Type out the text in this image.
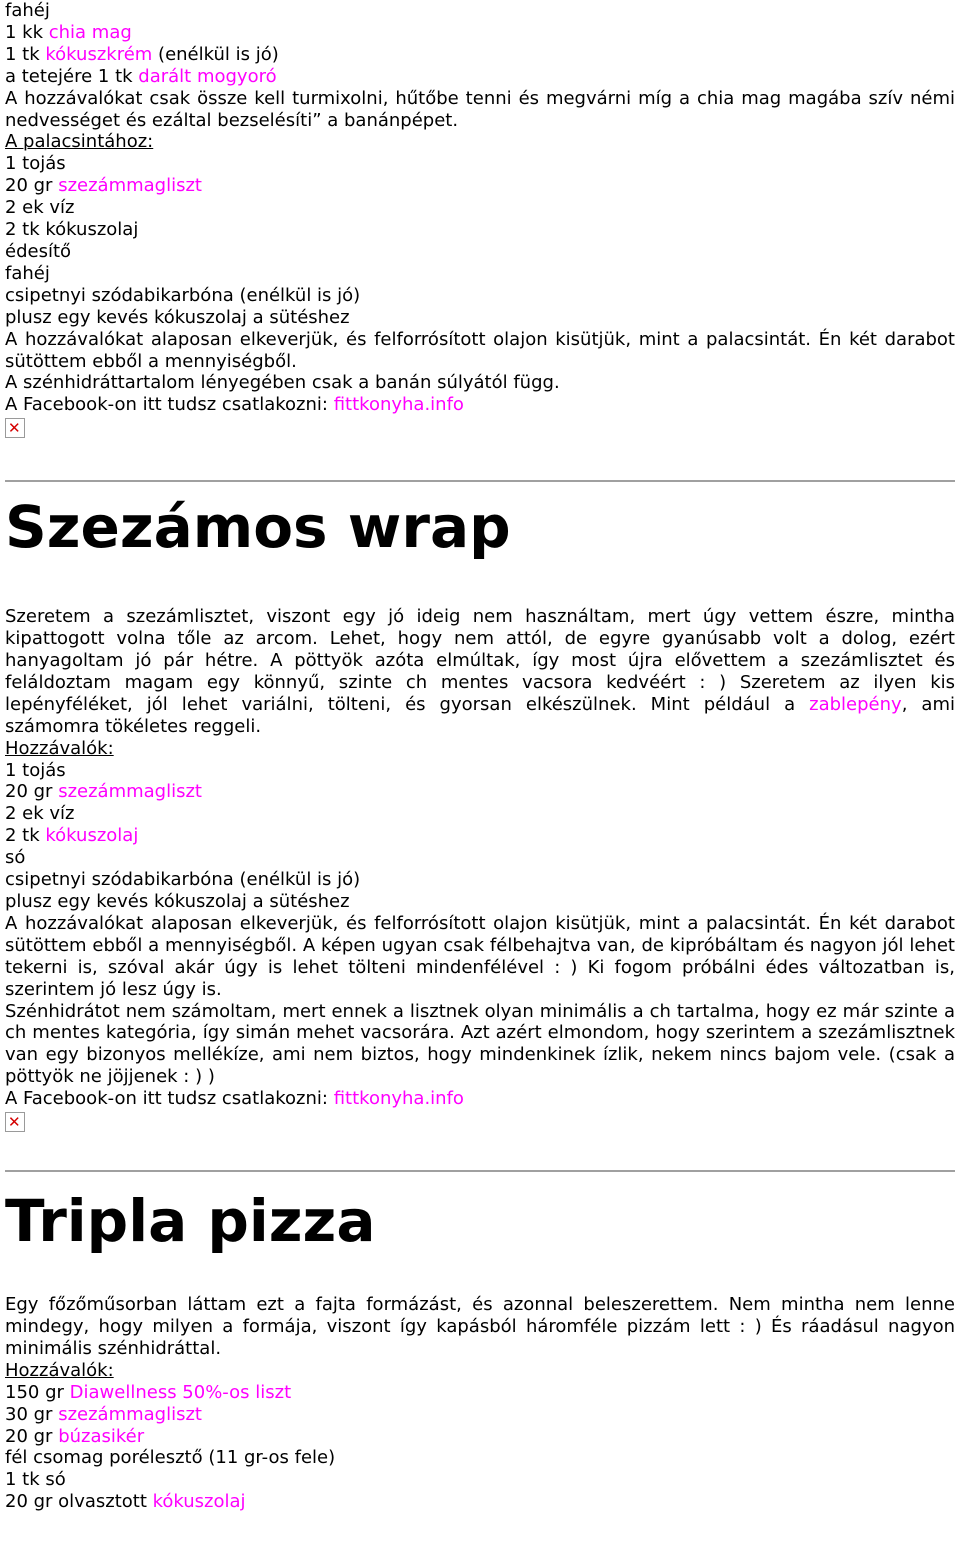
fahéj
1 kk chia mag
1 tk kókuszkrém (enélkül is jó)
a tetejére 1 tk darált mogyoró
A hozzávalókat csak össze kell turmixolni, hűtőbe tenni és megvárni míg a chia mag magába szív némi nedvességet és ezáltal bezselésíti” a banánpépet.
A palacsintához:
1 tojás
20 gr szezámmagliszt
2 ek víz
2 tk kókuszolaj
édesítő
fahéj
csipetnyi szódabikarbóna (enélkül is jó)
plusz egy kevés kókuszolaj a sütéshez
A hozzávalókat alaposan elkeverjük, és felforrósított olajon kisütjük, mint a palacsintát. Én két darabot sütöttem ebből a mennyiségből.
A szénhidráttartalom lényegében csak a banán súlyától függ.
A Facebook-on itt tudsz csatlakozni: fittkonyha.info
✕
Szezámos wrap
Szeretem a szezámlisztet, viszont egy jó ideig nem használtam, mert úgy vettem észre, mintha kipattogott volna tőle az arcom. Lehet, hogy nem attól, de egyre gyanúsabb volt a dolog, ezért hanyagoltam jó pár hétre. A pöttyök azóta elmúltak, így most újra elővettem a szezámlisztet és feláldoztam magam egy könnyű, szinte ch mentes vacsora kedvéért : ) Szeretem az ilyen kis lepényféléket, jól lehet variálni, tölteni, és gyorsan elkészülnek. Mint például a zablepény, ami számomra tökéletes reggeli.
Hozzávalók:
1 tojás
20 gr szezámmagliszt
2 ek víz
2 tk kókuszolaj
só
csipetnyi szódabikarbóna (enélkül is jó)
plusz egy kevés kókuszolaj a sütéshez
A hozzávalókat alaposan elkeverjük, és felforrósított olajon kisütjük, mint a palacsintát. Én két darabot sütöttem ebből a mennyiségből. A képen ugyan csak félbehajtva van, de kipróbáltam és nagyon jól lehet tekerni is, szóval akár úgy is lehet tölteni mindenfélével : ) Ki fogom próbálni édes változatban is, szerintem jó lesz úgy is.
Szénhidrátot nem számoltam, mert ennek a lisztnek olyan minimális a ch tartalma, hogy ez már szinte a ch mentes kategória, így simán mehet vacsorára. Azt azért elmondom, hogy szerintem a szezámlisztnek van egy bizonyos mellékíze, ami nem biztos, hogy mindenkinek ízlik, nekem nincs bajom vele. (csak a pöttyök ne jöjjenek : ) )
A Facebook-on itt tudsz csatlakozni: fittkonyha.info
✕
Tripla pizza
Egy főzőműsorban láttam ezt a fajta formázást, és azonnal beleszerettem. Nem mintha nem lenne mindegy, hogy milyen a formája, viszont így kapásból háromféle pizzám lett : ) És ráadásul nagyon minimális szénhidráttal.
Hozzávalók:
150 gr Diawellness 50%-os liszt
30 gr szezámmagliszt
20 gr búzasikér
fél csomag porélesztő (11 gr-os fele)
1 tk só
20 gr olvasztott kókuszolaj
